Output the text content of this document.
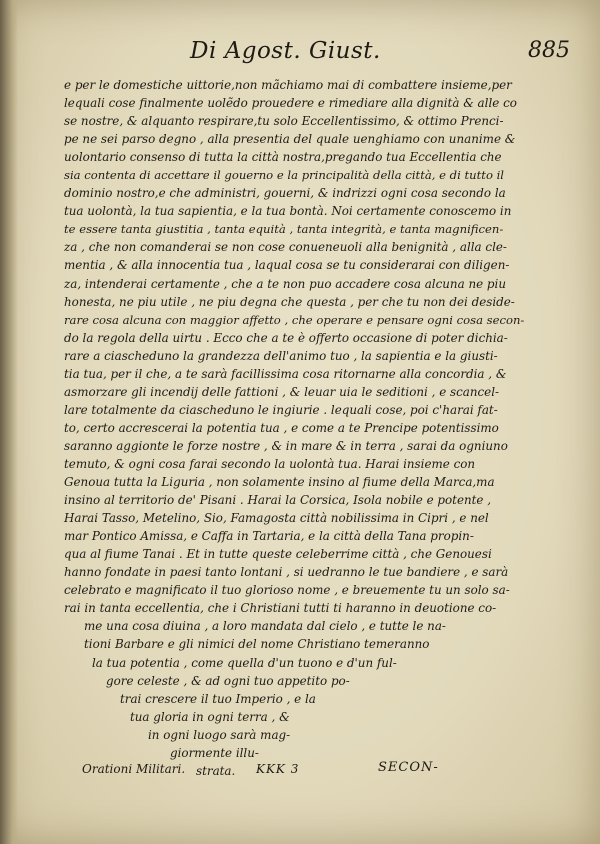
Di Agost. Giust.	885
e per le domestiche uittorie,non mãchiamo mai di combattere insieme,per
lequali cose finalmente uolẽdo prouedere e rimediare alla dignità & alle co
se nostre, & alquanto respirare,tu solo Eccellentissimo, & ottimo Prenci-
pe ne sei parso degno , alla presentia del quale uenghiamo con unanime &
uolontario consenso di tutta la città nostra,pregando tua Eccellentia che
sia contenta di accettare il gouerno e la principalità della città, e di tutto il
dominio nostro,e che administri, gouerni, & indrizzi ogni cosa secondo la
tua uolontà, la tua sapientia, e la tua bontà. Noi certamente conoscemo in
te essere tanta giustitia , tanta equità , tanta integrità, e tanta magnificen-
za , che non comanderai se non cose conueneuoli alla benignità , alla cle-
mentia , & alla innocentia tua , laqual cosa se tu considerarai con diligen-
za, intenderai certamente , che a te non puo accadere cosa alcuna ne piu
honesta, ne piu utile , ne piu degna che questa , per che tu non dei deside-
rare cosa alcuna con maggior affetto , che operare e pensare ogni cosa secon-
do la regola della uirtu . Ecco che a te è offerto occasione di poter dichia-
rare a ciascheduno la grandezza dell'animo tuo , la sapientia e la giusti-
tia tua, per il che, a te sarà facillissima cosa ritornarne alla concordia , &
asmorzare gli incendij delle fattioni , & leuar uia le seditioni , e scancel-
lare totalmente da ciascheduno le ingiurie . lequali cose, poi c'harai fat-
to, certo accrescerai la potentia tua , e come a te Prencipe potentissimo
saranno aggionte le forze nostre , & in mare & in terra , sarai da ogniuno
temuto, & ogni cosa farai secondo la uolontà tua. Harai insieme con
Genoua tutta la Liguria , non solamente insino al fiume della Marca,ma
insino al territorio de' Pisani . Harai la Corsica, Isola nobile e potente ,
Harai Tasso, Metelino, Sio, Famagosta città nobilissima in Cipri , e nel
mar Pontico Amissa, e Caffa in Tartaria, e la città della Tana propin-
qua al fiume Tanai . Et in tutte queste celeberrime città , che Genouesi
hanno fondate in paesi tanto lontani , si uedranno le tue bandiere , e sarà
celebrato e magnificato il tuo glorioso nome , e breuemente tu un solo sa-
rai in tanta eccellentia, che i Christiani tutti ti haranno in deuotione co-
me una cosa diuina , a loro mandata dal cielo , e tutte le na-
tioni Barbare e gli nimici del nome Christiano temeranno
la tua potentia , come quella d'un tuono e d'un ful-
gore celeste , & ad ogni tuo appetito po-
trai crescere il tuo Imperio , e la
tua gloria in ogni terra , &
in ogni luogo sarà mag-
giormente illu-
strata.
Orationi Militari.	KKK 3	SECON-
